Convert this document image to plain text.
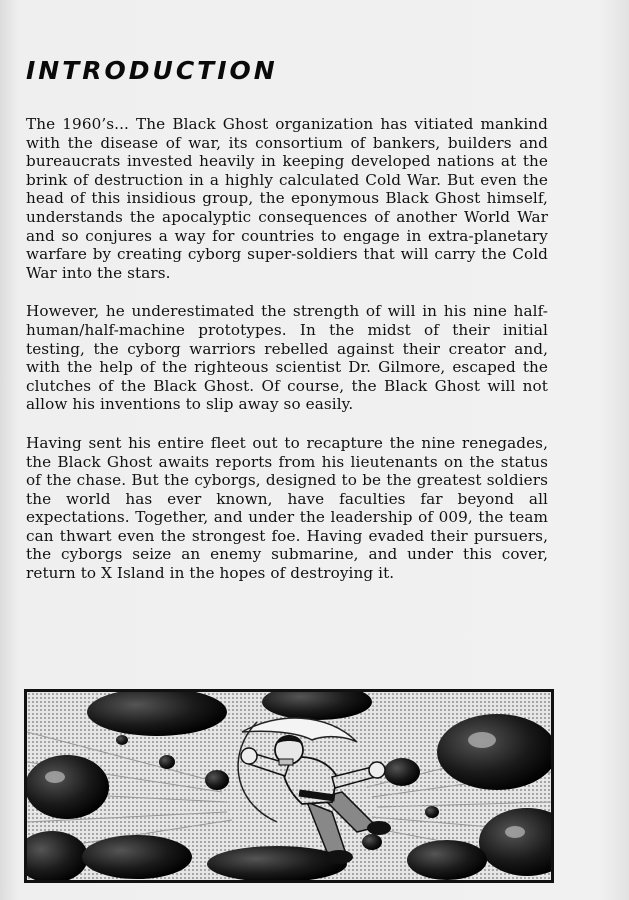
INTRODUCTION

The 1960’s... The Black Ghost organization has vitiated mankind with the disease of war, its consortium of bankers, builders and bureaucrats invested heavily in keeping developed nations at the brink of destruction in a highly calculated Cold War. But even the head of this insidious group, the eponymous Black Ghost himself, understands the apocalyptic consequences of another World War and so conjures a way for countries to engage in extra-planetary warfare by creating cyborg super-soldiers that will carry the Cold War into the stars.

However, he underestimated the strength of will in his nine half-human/half-machine prototypes. In the midst of their initial testing, the cyborg warriors rebelled against their creator and, with the help of the righteous scientist Dr. Gilmore, escaped the clutches of the Black Ghost. Of course, the Black Ghost will not allow his inventions to slip away so easily.

Having sent his entire fleet out to recapture the nine renegades, the Black Ghost awaits reports from his lieutenants on the status of the chase. But the cyborgs, designed to be the greatest soldiers the world has ever known, have faculties far beyond all expectations. Together, and under the leadership of 009, the team can thwart even the strongest foe. Having evaded their pursuers, the cyborgs seize an enemy submarine, and under this cover, return to X Island in the hopes of destroying it.
